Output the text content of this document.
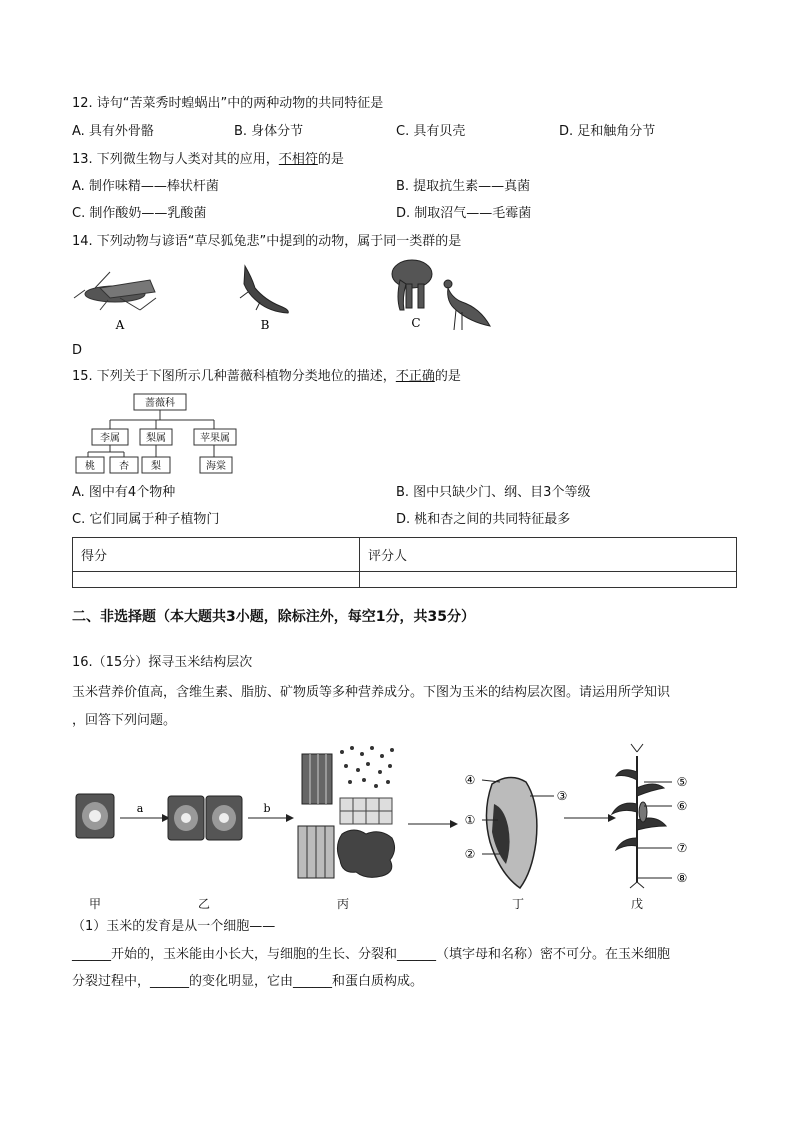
12. 诗句“苦菜秀时蝗蜗出”中的两种动物的共同特征是
A. 具有外骨骼	B. 身体分节	C. 具有贝壳	D. 足和触角分节
13. 下列微生物与人类对其的应用，不相符的是
A. 制作味精——棒状杆菌	B. 提取抗生素——真菌
C. 制作酸奶——乳酸菌	D. 制取沼气——毛霉菌
14. 下列动物与谚语“草尽狐兔悲”中提到的动物，属于同一类群的是
A	B	C
D
15. 下列关于下图所示几种蔷薇科植物分类地位的描述，不正确的是
蔷薇科
李属	梨属	苹果属
桃 杏 梨	海棠
A. 图中有4个物种	B. 图中只缺少门、纲、目3个等级
C. 它们同属于种子植物门	D. 桃和杏之间的共同特征最多
得分	评分人

二、非选择题（本大题共3小题，除标注外，每空1分，共35分）
16.（15分）探寻玉米结构层次
玉米营养价值高，含维生素、脂肪、矿物质等多种营养成分。下图为玉米的结构层次图。请运用所学知识
，回答下列问题。
a	b
④
①
②
③
⑤
⑥
⑦
⑧
甲	乙	丙	丁	戊
（1）玉米的发育是从一个细胞——
______开始的，玉米能由小长大，与细胞的生长、分裂和______（填字母和名称）密不可分。在玉米细胞
分裂过程中，______的变化明显，它由______和蛋白质构成。
